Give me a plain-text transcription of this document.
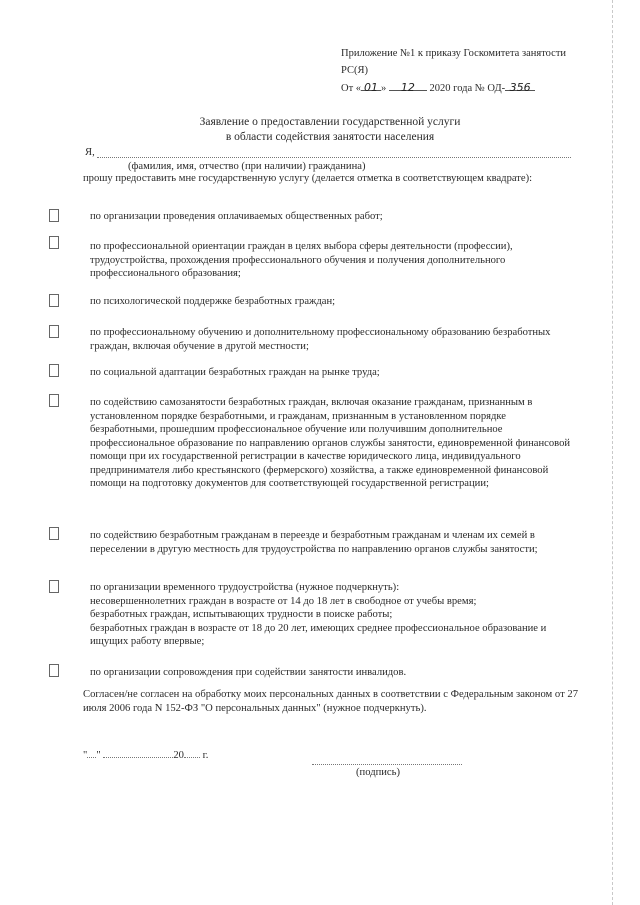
Приложение №1 к приказу Госкомитета занятости
РС(Я)
От « 01 » 12 2020 года № ОД- 356
Заявление о предоставлении государственной услуги
в области содействия занятости населения
Я,
(фамилия, имя, отчество (при наличии) гражданина)
прошу предоставить мне государственную услугу (делается отметка в соответствующем квадрате):
по организации проведения оплачиваемых общественных работ;
по профессиональной ориентации граждан в целях выбора сферы деятельности (профессии), трудоустройства, прохождения профессионального обучения и получения дополнительного профессионального образования;
по психологической поддержке безработных граждан;
по профессиональному обучению и дополнительному профессиональному образованию безработных граждан, включая обучение в другой местности;
по социальной адаптации безработных граждан на рынке труда;
по содействию самозанятости безработных граждан, включая оказание гражданам, признанным в установленном порядке безработными, и гражданам, признанным в установленном порядке безработными, прошедшим профессиональное обучение или получившим дополнительное профессиональное образование по направлению органов службы занятости, единовременной финансовой помощи при их государственной регистрации в качестве юридического лица, индивидуального предпринимателя либо крестьянского (фермерского) хозяйства, а также единовременной финансовой помощи на подготовку документов для соответствующей государственной регистрации;
по содействию безработным гражданам в переезде и безработным гражданам и членам их семей в переселении в другую местность для трудоустройства по направлению органов службы занятости;
по организации временного трудоустройства (нужное подчеркнуть):
несовершеннолетних граждан в возрасте от 14 до 18 лет в свободное от учебы время;
безработных граждан, испытывающих трудности в поиске работы;
безработных граждан в возрасте от 18 до 20 лет, имеющих среднее профессиональное образование и ищущих работу впервые;
по организации сопровождения при содействии занятости инвалидов.
Согласен/не согласен на обработку моих персональных данных в соответствии с Федеральным законом от 27 июля 2006 года N 152-ФЗ "О персональных данных" (нужное подчеркнуть).
" "	20 г.
(подпись)
